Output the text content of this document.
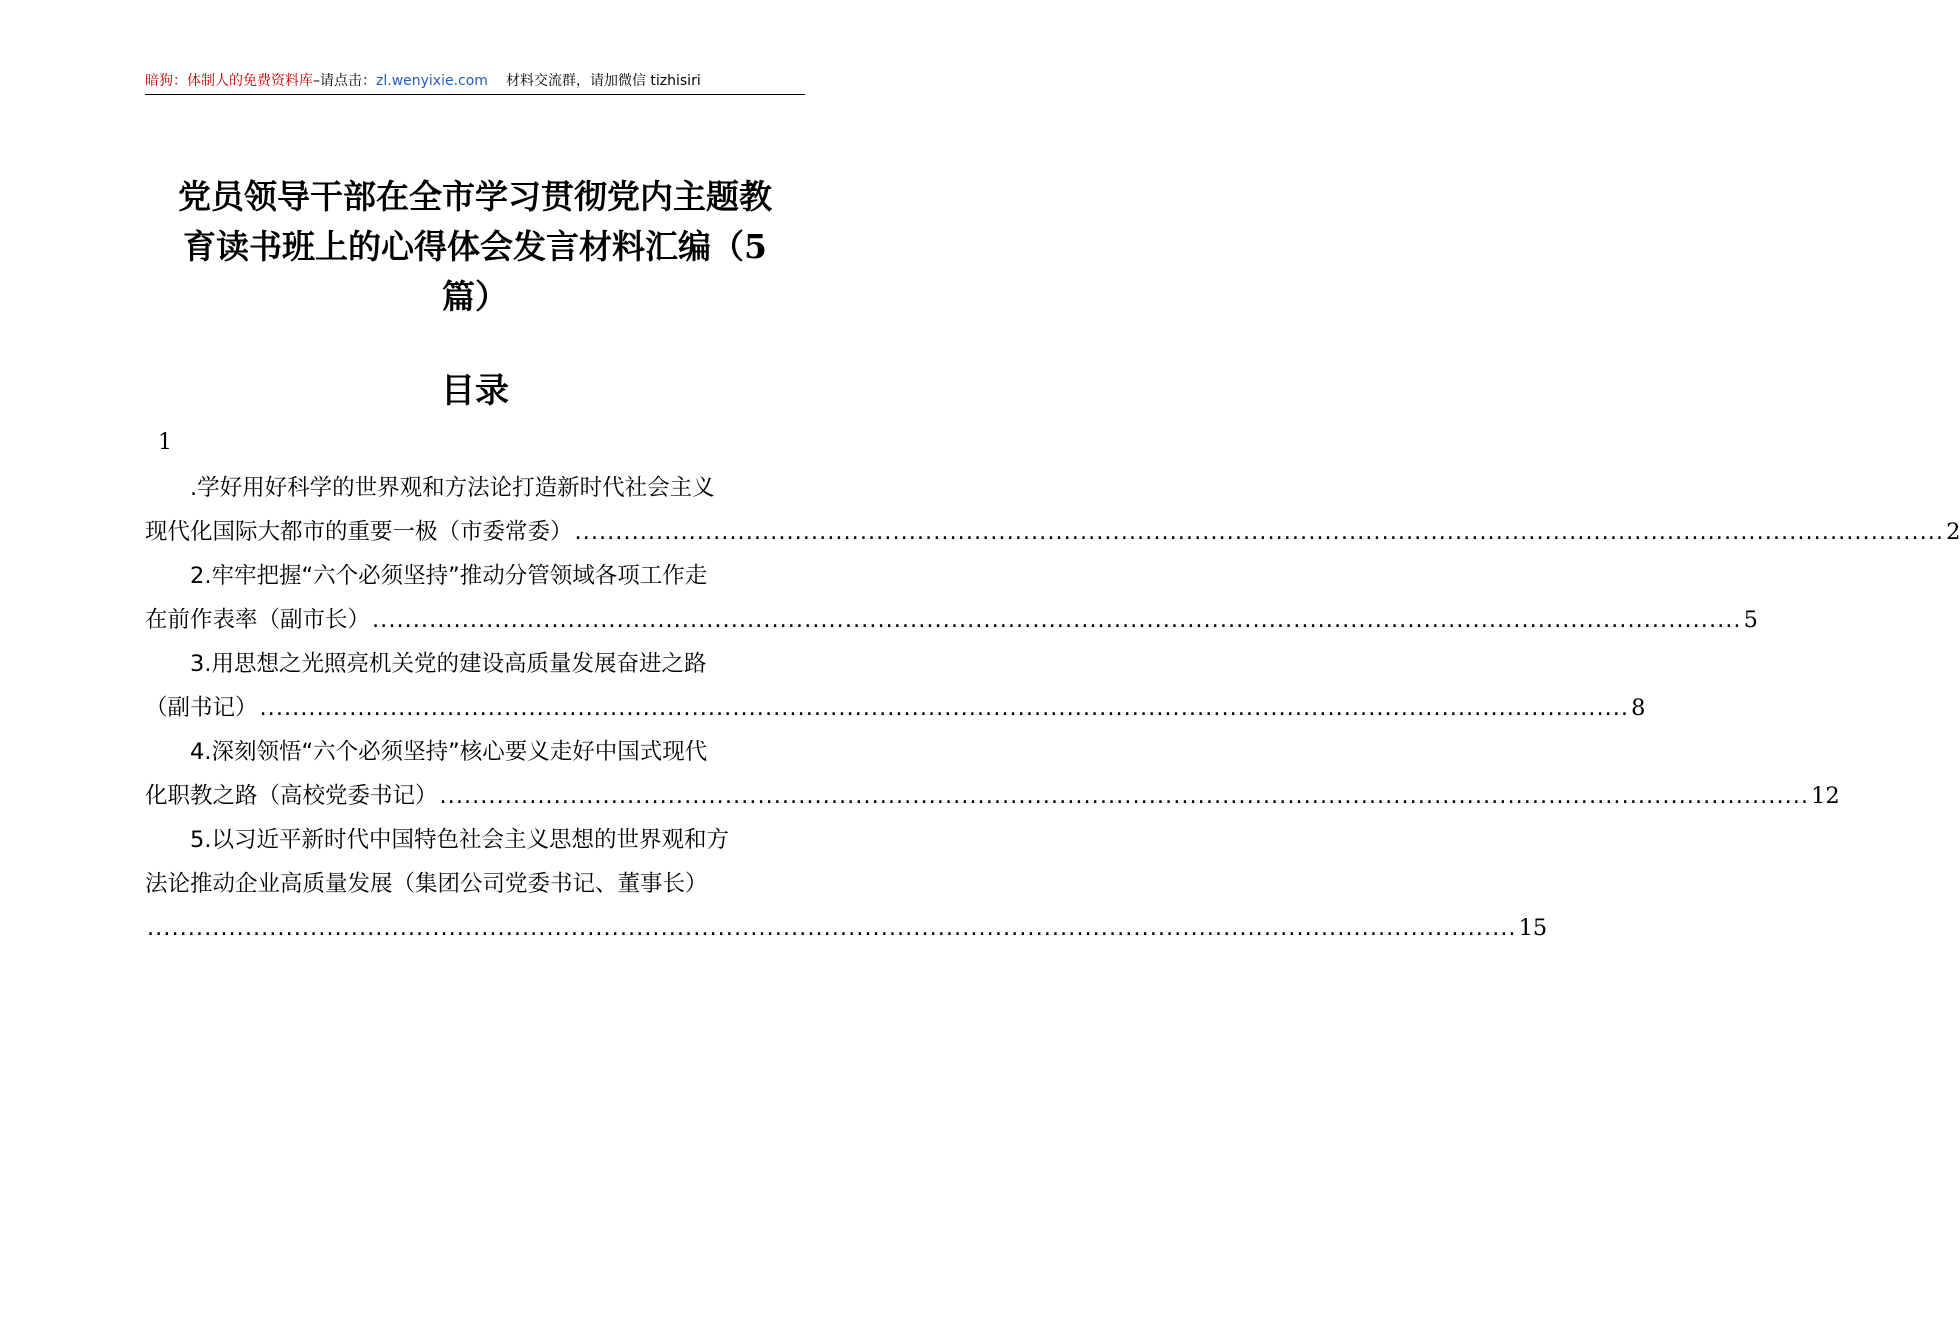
暗狗：体制人的免费资料库–请点击：zl.wenyixie.com 材料交流群，请加微信 tizhisiri
党员领导干部在全市学习贯彻党内主题教
育读书班上的心得体会发言材料汇编（5
篇）
目录
1
.学好用好科学的世界观和方法论打造新时代社会主义
现代化国际大都市的重要一极（市委常委） ........................................................................................................................................................................ 2
2.牢牢把握“六个必须坚持”推动分管领域各项工作走
在前作表率（副市长） ........................................................................................................................................................................ 5
3.用思想之光照亮机关党的建设高质量发展奋进之路
（副书记） ........................................................................................................................................................................ 8
4.深刻领悟“六个必须坚持”核心要义走好中国式现代
化职教之路（高校党委书记） ........................................................................................................................................................................ 12
5.以习近平新时代中国特色社会主义思想的世界观和方
法论推动企业高质量发展（集团公司党委书记、董事长）
........................................................................................................................................................................ 15
